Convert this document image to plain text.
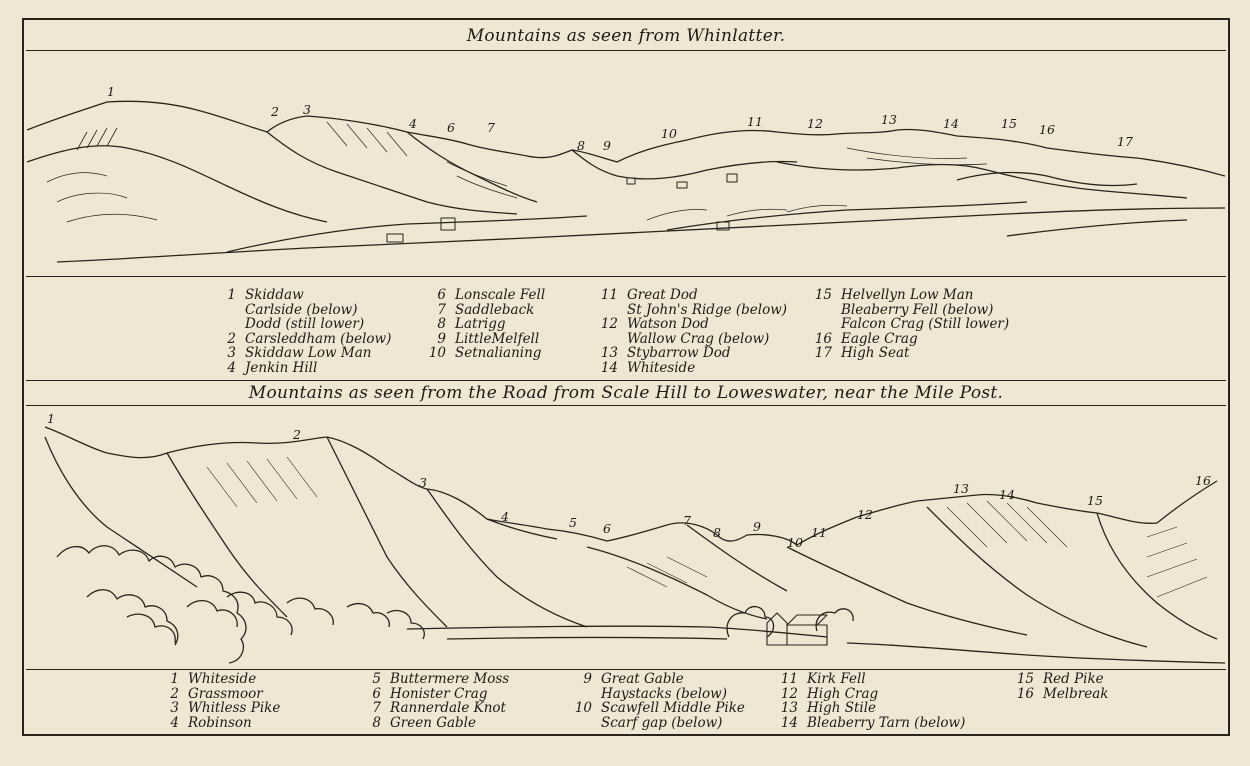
Mountains as seen from Whinlatter.
1
2 3
4 6	7
8 9
10
11	12	13	14	15 16
17
1 Skiddaw
Carlside (below)
Dodd (still lower)
2 Carsleddham (below)
3 Skiddaw Low Man
4 Jenkin Hill
6 Lonscale Fell
7 Saddleback
8 Latrigg
9 LittleMelfell
10 Setnalianing
11 Great Dod
St John's Ridge (below)
12 Watson Dod
Wallow Crag (below)
13 Stybarrow Dod
14 Whiteside
15 Helvellyn Low Man
Bleaberry Fell (below)
Falcon Crag (Still lower)
16 Eagle Crag
17 High Seat
Mountains as seen from the Road from Scale Hill to Loweswater, near the Mile Post.
1
2
3
4	5 6
7
8	9
10
11
12
13 14	15
16
1 Whiteside
2 Grassmoor
3 Whitless Pike
4 Robinson
5 Buttermere Moss
6 Honister Crag
7 Rannerdale Knot
8 Green Gable
9 Great Gable
Haystacks (below)
10 Scawfell Middle Pike
Scarf gap (below)
11 Kirk Fell
12 High Crag
13 High Stile
14 Bleaberry Tarn (below)
15 Red Pike
16 Melbreak
